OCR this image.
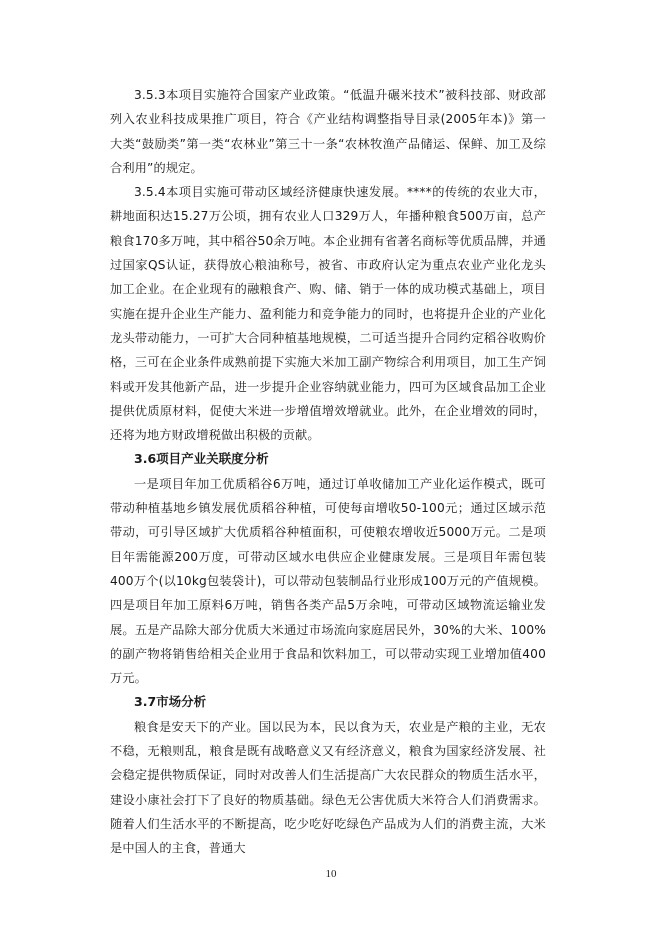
3.5.3本项目实施符合国家产业政策。“低温升碾米技术”被科技部、财政部列入农业科技成果推广项目，符合《产业结构调整指导目录(2005年本)》第一大类“鼓励类”第一类“农林业”第三十一条“农林牧渔产品储运、保鲜、加工及综合利用”的规定。

3.5.4本项目实施可带动区域经济健康快速发展。****的传统的农业大市，耕地面积达15.27万公顷，拥有农业人口329万人，年播种粮食500万亩，总产粮食170多万吨，其中稻谷50余万吨。本企业拥有省著名商标等优质品牌，并通过国家QS认证，获得放心粮油称号，被省、市政府认定为重点农业产业化龙头加工企业。在企业现有的融粮食产、购、储、销于一体的成功模式基础上，项目实施在提升企业生产能力、盈利能力和竞争能力的同时，也将提升企业的产业化龙头带动能力，一可扩大合同种植基地规模，二可适当提升合同约定稻谷收购价格，三可在企业条件成熟前提下实施大米加工副产物综合利用项目，加工生产饲料或开发其他新产品，进一步提升企业容纳就业能力，四可为区域食品加工企业提供优质原材料，促使大米进一步增值增效增就业。此外，在企业增效的同时，还将为地方财政增税做出积极的贡献。

3.6项目产业关联度分析

一是项目年加工优质稻谷6万吨，通过订单收储加工产业化运作模式，既可带动种植基地乡镇发展优质稻谷种植，可使每亩增收50-100元；通过区域示范带动，可引导区域扩大优质稻谷种植面积，可使粮农增收近5000万元。二是项目年需能源200万度，可带动区域水电供应企业健康发展。三是项目年需包装400万个(以10kg包装袋计)，可以带动包装制品行业形成100万元的产值规模。四是项目年加工原料6万吨，销售各类产品5万余吨，可带动区域物流运输业发展。五是产品除大部分优质大米通过市场流向家庭居民外，30%的大米、100%的副产物将销售给相关企业用于食品和饮料加工，可以带动实现工业增加值400万元。

3.7市场分析

粮食是安天下的产业。国以民为本，民以食为天，农业是产粮的主业，无农不稳，无粮则乱，粮食是既有战略意义又有经济意义，粮食为国家经济发展、社会稳定提供物质保证，同时对改善人们生活提高广大农民群众的物质生活水平，建设小康社会打下了良好的物质基础。绿色无公害优质大米符合人们消费需求。随着人们生活水平的不断提高，吃少吃好吃绿色产品成为人们的消费主流，大米是中国人的主食，普通大

10
